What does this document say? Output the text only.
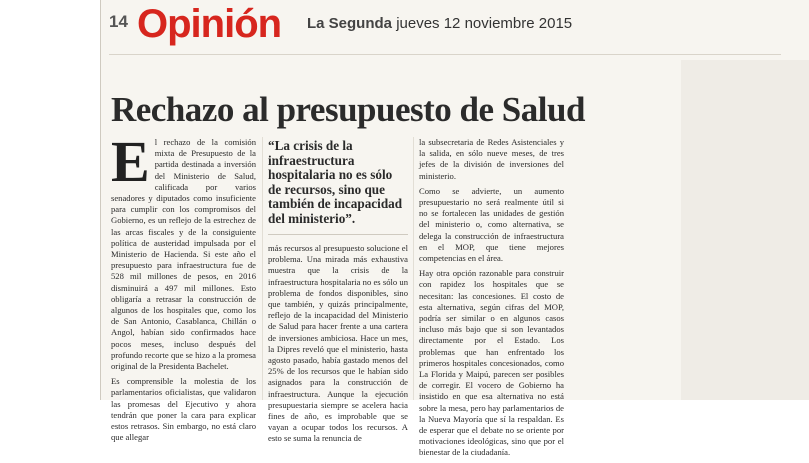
14 Opinión La Segunda jueves 12 noviembre 2015
Rechazo al presupuesto de Salud

El rechazo de la comisión mixta de Presupuesto de la partida destinada a inversión del Ministerio de Salud, calificada por varios senadores y diputados como insuficiente para cumplir con los compromisos del Gobierno, es un reflejo de la estrechez de las arcas fiscales y de la consiguiente política de austeridad impulsada por el Ministerio de Hacienda. Si este año el presupuesto para infraestructura fue de 528 mil millones de pesos, en 2016 disminuirá a 497 mil millones. Esto obligaría a retrasar la construcción de algunos de los hospitales que, como los de San Antonio, Casablanca, Chillán o Angol, habían sido confirmados hace pocos meses, incluso después del profundo recorte que se hizo a la promesa original de la Presidenta Bachelet.

Es comprensible la molestia de los parlamentarios oficialistas, que validaron las promesas del Ejecutivo y ahora tendrán que poner la cara para explicar estos retrasos. Sin embargo, no está claro que allegar

“La crisis de la infraestructura hospitalaria no es sólo de recursos, sino que también de incapacidad del ministerio”.

más recursos al presupuesto solucione el problema. Una mirada más exhaustiva muestra que la crisis de la infraestructura hospitalaria no es sólo un problema de fondos disponibles, sino que también, y quizás principalmente, reflejo de la incapacidad del Ministerio de Salud para hacer frente a una cartera de inversiones ambiciosa. Hace un mes, la Dipres reveló que el ministerio, hasta agosto pasado, había gastado menos del 25% de los recursos que le habían sido asignados para la construcción de infraestructura. Aunque la ejecución presupuestaria siempre se acelera hacia fines de año, es improbable que se vayan a ocupar todos los recursos. A esto se suma la renuncia de

la subsecretaria de Redes Asistenciales y la salida, en sólo nueve meses, de tres jefes de la división de inversiones del ministerio.

Como se advierte, un aumento presupuestario no será realmente útil si no se fortalecen las unidades de gestión del ministerio o, como alternativa, se delega la construcción de infraestructura en el MOP, que tiene mejores competencias en el área.

Hay otra opción razonable para construir con rapidez los hospitales que se necesitan: las concesiones. El costo de esta alternativa, según cifras del MOP, podría ser similar o en algunos casos incluso más bajo que si son levantados directamente por el Estado. Los problemas que han enfrentado los primeros hospitales concesionados, como La Florida y Maipú, parecen ser posibles de corregir. El vocero de Gobierno ha insistido en que esa alternativa no está sobre la mesa, pero hay parlamentarios de la Nueva Mayoría que sí la respaldan. Es de esperar que el debate no se oriente por motivaciones ideológicas, sino que por el bienestar de la ciudadanía.
